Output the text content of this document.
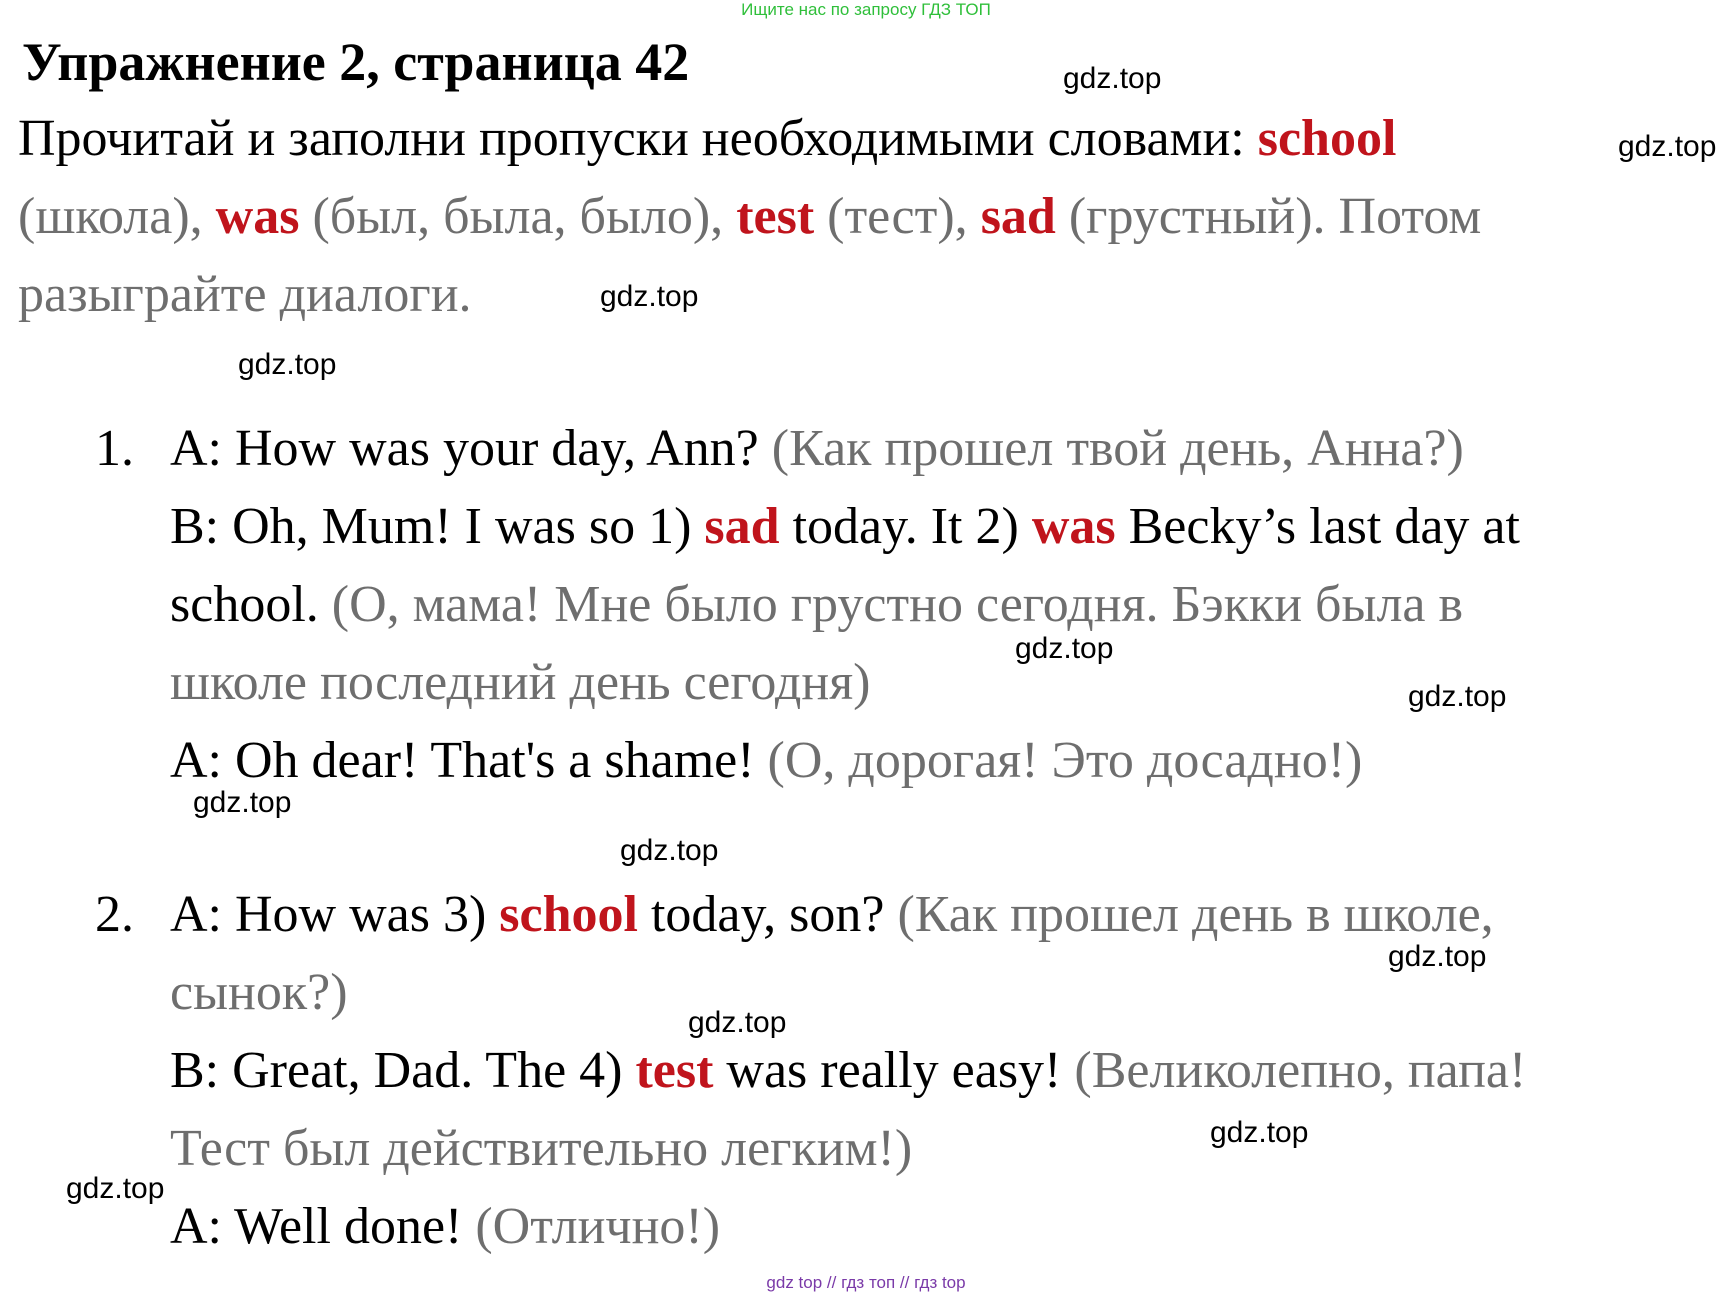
Ищите нас по запросу ГДЗ ТОП
Упражнение 2, страница 42
Прочитай и заполни пропуски необходимыми словами: school
(школа), was (был, была, было), test (тест), sad (грустный). Потом
разыграйте диалоги.
1. A: How was your day, Ann? (Как прошел твой день, Анна?)
B: Oh, Mum! I was so 1) sad today. It 2) was Becky’s last day at
school. (О, мама! Мне было грустно сегодня. Бэкки была в
школе последний день сегодня)
A: Oh dear! That's a shame! (О, дорогая! Это досадно!)
2. A: How was 3) school today, son? (Как прошел день в школе,
сынок?)
B: Great, Dad. The 4) test was really easy! (Великолепно, папа!
Тест был действительно легким!)
A: Well done! (Отлично!)
gdz.top
gdz.top
gdz.top
gdz.top
gdz.top
gdz.top
gdz.top
gdz.top
gdz.top
gdz.top
gdz.top
gdz.top
gdz top // гдз топ // гдз top
